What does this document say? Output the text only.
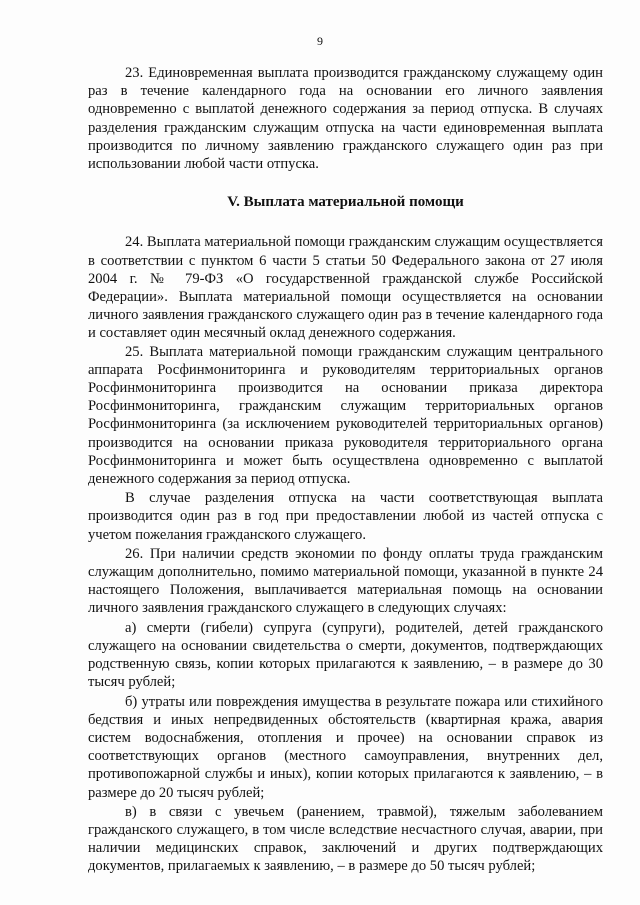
9

23. Единовременная выплата производится гражданскому служащему один раз в течение календарного года на основании его личного заявления одновременно с выплатой денежного содержания за период отпуска. В случаях разделения гражданским служащим отпуска на части единовременная выплата производится по личному заявлению гражданского служащего один раз при использовании любой части отпуска.

V. Выплата материальной помощи

24. Выплата материальной помощи гражданским служащим осуществляется в соответствии с пунктом 6 части 5 статьи 50 Федерального закона от 27 июля 2004 г. № 79-ФЗ «О государственной гражданской службе Российской Федерации». Выплата материальной помощи осуществляется на основании личного заявления гражданского служащего один раз в течение календарного года и составляет один месячный оклад денежного содержания.

25. Выплата материальной помощи гражданским служащим центрального аппарата Росфинмониторинга и руководителям территориальных органов Росфинмониторинга производится на основании приказа директора Росфинмониторинга, гражданским служащим территориальных органов Росфинмониторинга (за исключением руководителей территориальных органов) производится на основании приказа руководителя территориального органа Росфинмониторинга и может быть осуществлена одновременно с выплатой денежного содержания за период отпуска.

В случае разделения отпуска на части соответствующая выплата производится один раз в год при предоставлении любой из частей отпуска с учетом пожелания гражданского служащего.

26. При наличии средств экономии по фонду оплаты труда гражданским служащим дополнительно, помимо материальной помощи, указанной в пункте 24 настоящего Положения, выплачивается материальная помощь на основании личного заявления гражданского служащего в следующих случаях:

а) смерти (гибели) супруга (супруги), родителей, детей гражданского служащего на основании свидетельства о смерти, документов, подтверждающих родственную связь, копии которых прилагаются к заявлению, – в размере до 30 тысяч рублей;

б) утраты или повреждения имущества в результате пожара или стихийного бедствия и иных непредвиденных обстоятельств (квартирная кража, авария систем водоснабжения, отопления и прочее) на основании справок из соответствующих органов (местного самоуправления, внутренних дел, противопожарной службы и иных), копии которых прилагаются к заявлению, – в размере до 20 тысяч рублей;

в) в связи с увечьем (ранением, травмой), тяжелым заболеванием гражданского служащего, в том числе вследствие несчастного случая, аварии, при наличии медицинских справок, заключений и других подтверждающих документов, прилагаемых к заявлению, – в размере до 50 тысяч рублей;
